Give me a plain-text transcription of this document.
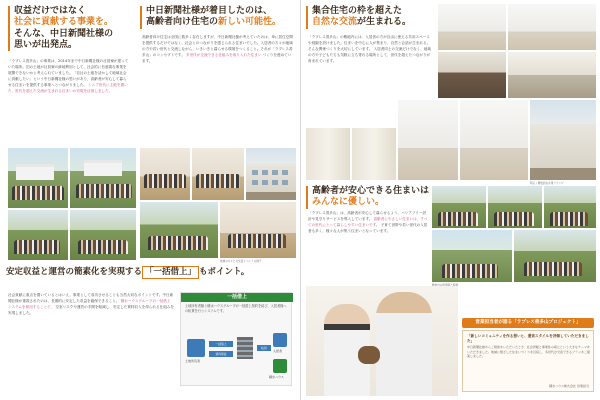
収益だけではなく
社会に貢献する事業を。
そんな、中日新聞社様の
思いが出発点。
「ラプレス善多山」の事業は、2014年まで中日新聞社様の社員寮が建っていた場所。旧の土地が社員寮の跡地利用として、社会的に有意義な事業を展開できないかと考えられていました。「自社の土地を活かして地域社会に貢献したい」という中日新聞社様の思いがあり、高齢者が安心して暮らせる住まいを提供する事業へとつながりました。 シニア世代に主眼を置いた、世代を超えた交流が生まれる住まいの実現を目指しました。
中日新聞社様が着目したのは、
高齢者向け住宅の新しい可能性。
高齢者向け住宅は全国に数多く存在しますが、中日新聞社様が考えていたのは、単に居住空間を提供するだけではなく、社会とのつながりを感じられる住まいでした。入居者の方々が地域の方や若い世代と交流しながら、いきいきと暮らせる環境をつくること。それが「ラプレス善多山」のコンセプトです。 多世代が交流できる仕組みを取り入れた住まい づくりを進めています。
地域の方々との交流イベントの様子
安定収益と運営の簡素化を実現する 「一括借上」 もポイント。
社会貢献に重点を置いているとはいえ、事業として成功させることも当然大切なポイントです。中日新聞社様が重視されたのは、長期的に安定した収益を確保できること。 積水ハウスグループの一括借上システムを採用することで、 空室リスクや運営の手間を軽減し、安定した賃料収入を得られる仕組みを実現しました。
一括借上
土地所有者様と積水ハウスグループが一括借上契約を結び、入居者様への転貸を行うシステムです。
土地所有者
一括借上
賃料保証
転貸
入居者
積水ハウス
集合住宅の枠を超えた
自然な交流が生まれる。
「ラプレス善多山」の敷地内には、入居者の方が自由に使える共用スペースや庭園を設けました。住まいを中心に人が集まり、自然と会話が生まれる。そんな関係づくりを大切にしています。 入居者同士の交流だけでなく、地域の方や子どもたちも気軽に立ち寄れる場所として、世代を超えたつながりが育まれています。
明るく開放的な共用ラウンジ
高齢者が安心できる住まいは
みんなに優しい。
「ラプレス善多山」は、高齢者が安心して暮らせるよう、バリアフリー設計や見守りサービスを導入しています。 高齢者にやさしい住まいは、すべての世代にとって暮らしやすい住まいです。 子育て世帯や若い世代の入居者も多く、様々な人が集う住まいとなっています。
営業担当者が語る「ラプレス善多山プロジェクト」
「新しいコミュニティを作る想いと、運営スタイルを評価していただきました」
中日新聞社様からご相談をいただいたとき、社会貢献と事業性の両立という大きなテーマをいただきました。地域に根ざした住まいづくりを目指し、多世代が交流できるプランをご提案しました。
積水ハウス株式会社 営業担当
